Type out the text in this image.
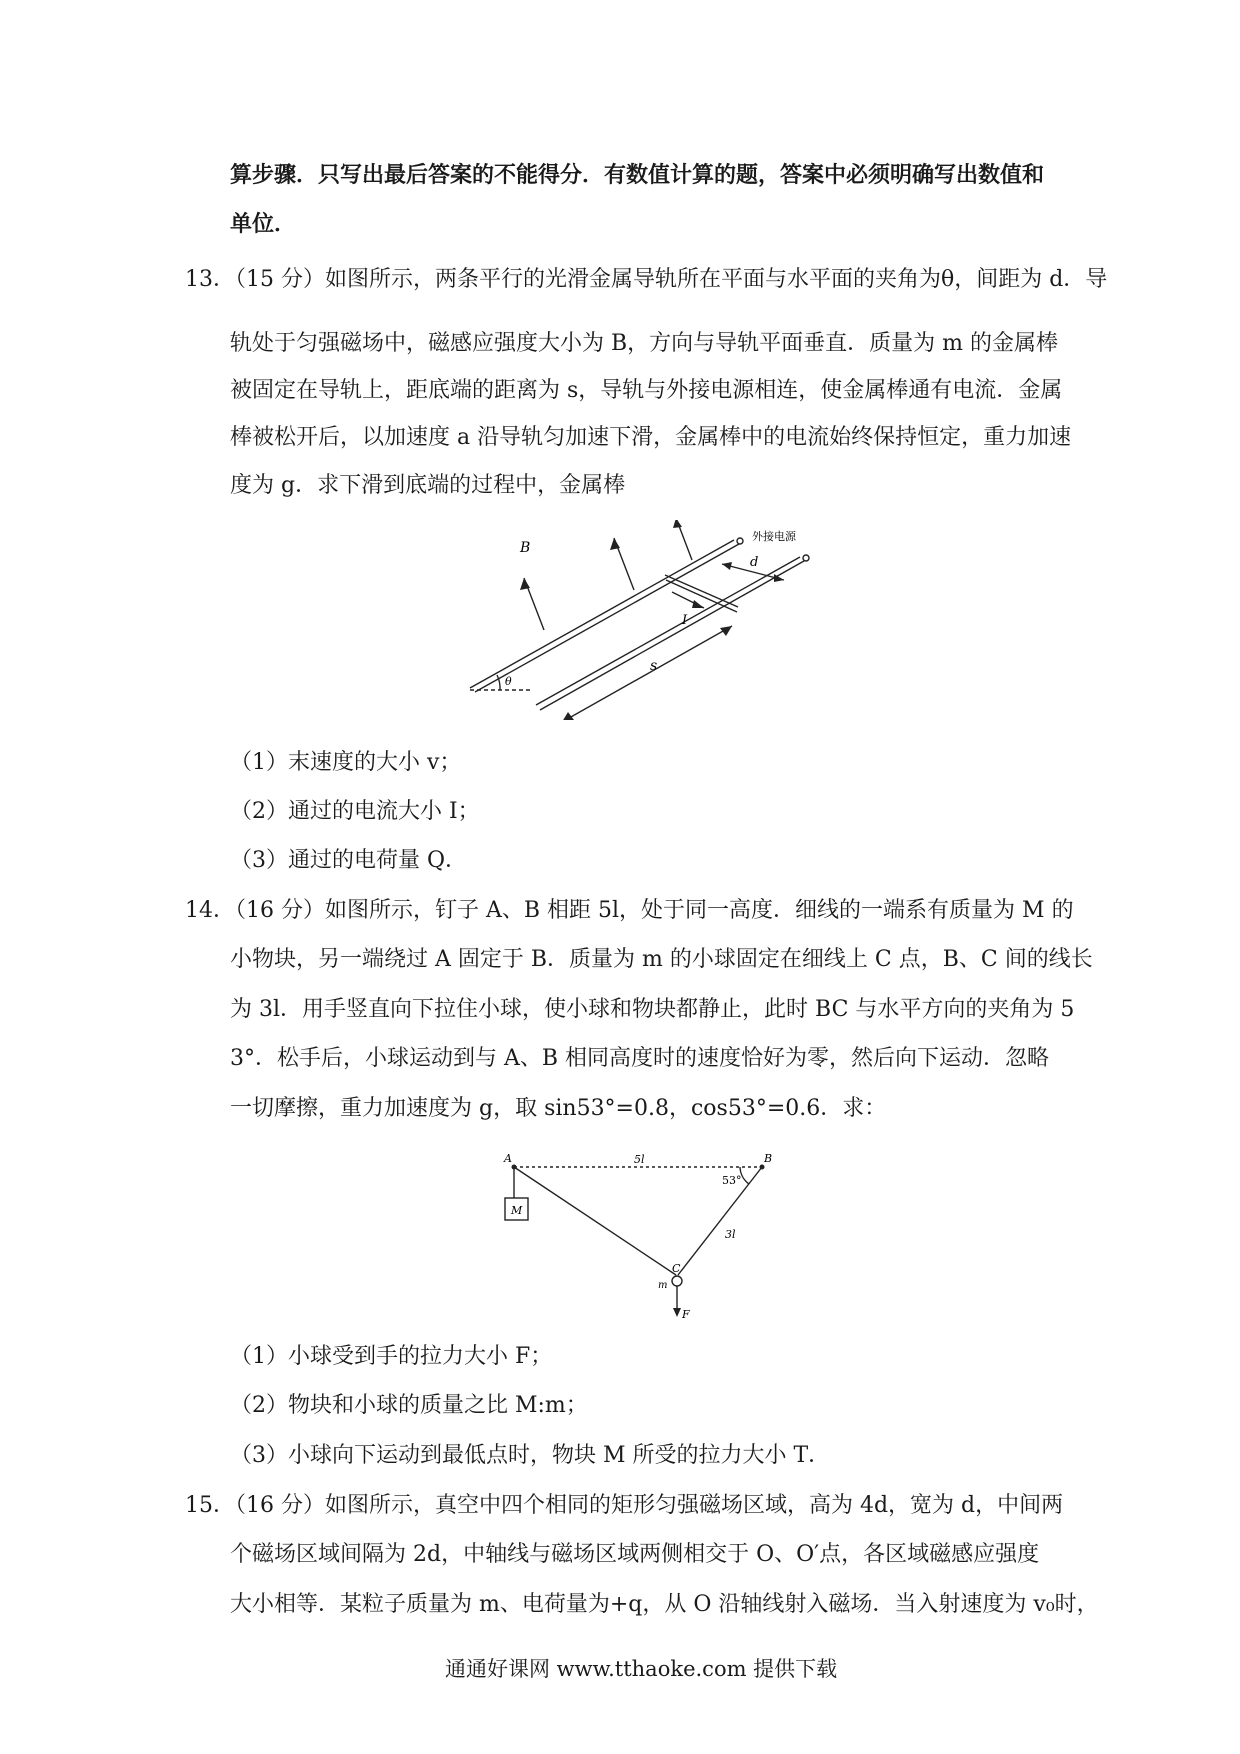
算步骤．只写出最后答案的不能得分．有数值计算的题，答案中必须明确写出数值和
单位．
13．（15 分）如图所示，两条平行的光滑金属导轨所在平面与水平面的夹角为θ，间距为 d．导
轨处于匀强磁场中，磁感应强度大小为 B，方向与导轨平面垂直．质量为 m 的金属棒
被固定在导轨上，距底端的距离为 s，导轨与外接电源相连，使金属棒通有电流．金属
棒被松开后，以加速度 a 沿导轨匀加速下滑，金属棒中的电流始终保持恒定，重力加速
度为 g．求下滑到底端的过程中，金属棒
B
I
d
s
θ
外接电源
（1）末速度的大小 v；
（2）通过的电流大小 I；
（3）通过的电荷量 Q．
14．（16 分）如图所示，钉子 A、B 相距 5l，处于同一高度．细线的一端系有质量为 M 的
小物块，另一端绕过 A 固定于 B．质量为 m 的小球固定在细线上 C 点，B、C 间的线长
为 3l．用手竖直向下拉住小球，使小球和物块都静止，此时 BC 与水平方向的夹角为 5
3°．松手后，小球运动到与 A、B 相同高度时的速度恰好为零，然后向下运动．忽略
一切摩擦，重力加速度为 g，取 sin53°=0.8，cos53°=0.6．求：
A	B
5l
53°
3l
C
m
M
F
（1）小球受到手的拉力大小 F；
（2）物块和小球的质量之比 M:m；
（3）小球向下运动到最低点时，物块 M 所受的拉力大小 T．
15．（16 分）如图所示，真空中四个相同的矩形匀强磁场区域，高为 4d，宽为 d，中间两
个磁场区域间隔为 2d，中轴线与磁场区域两侧相交于 O、O′点，各区域磁感应强度
大小相等．某粒子质量为 m、电荷量为+q，从 O 沿轴线射入磁场．当入射速度为 v₀时，
通通好课网 www.tthaoke.com 提供下载
